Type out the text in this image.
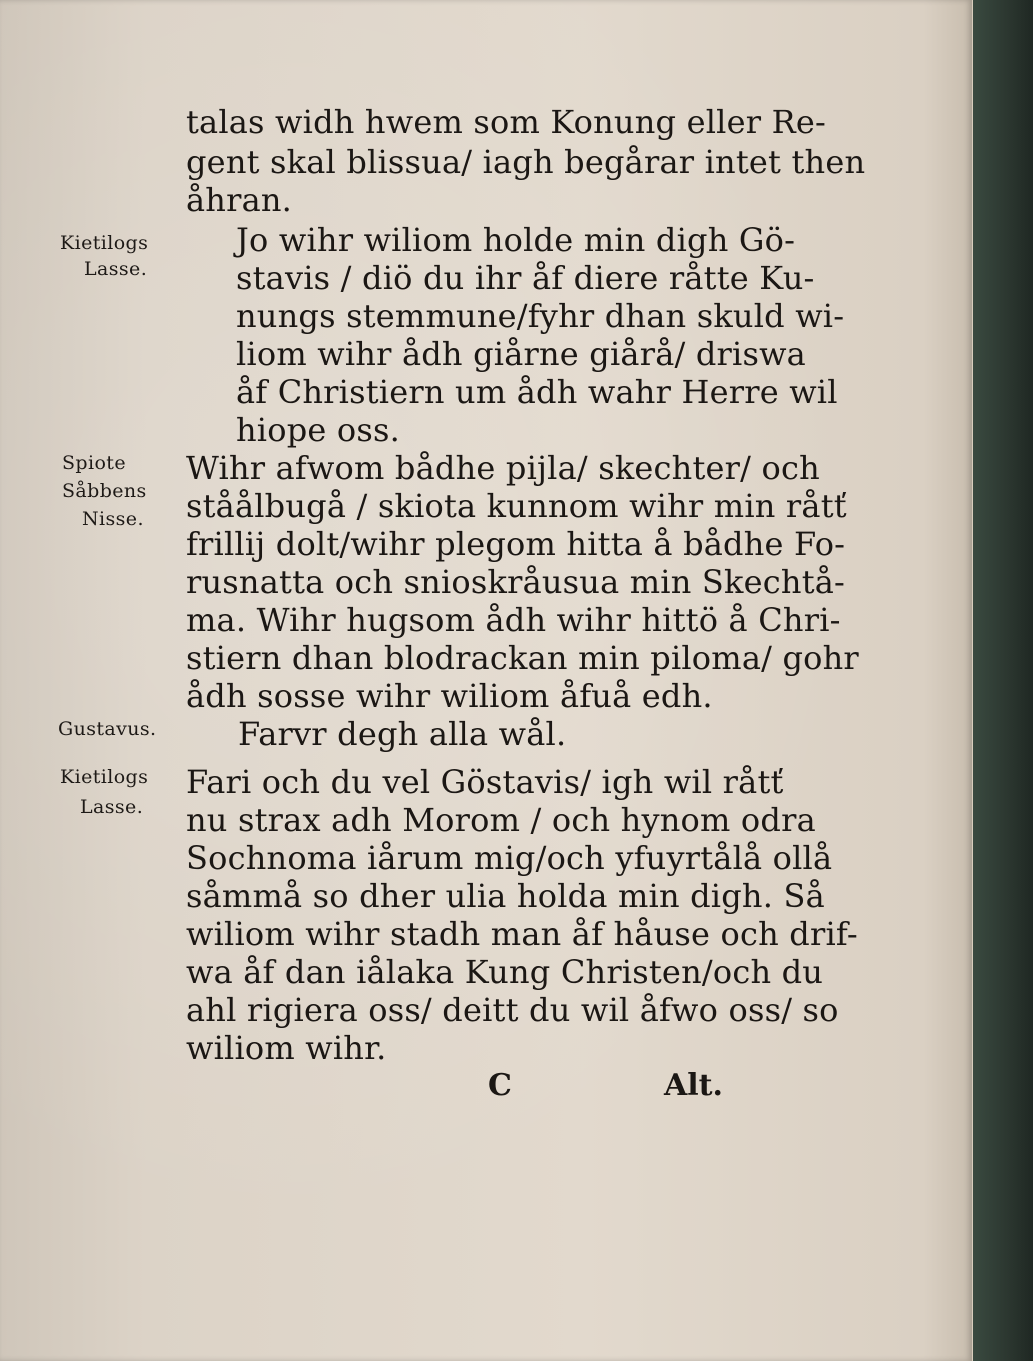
Kietilogs
Lasse.
Spiote
Såbbens
Nisse.
Gustavus.
Kietilogs
Lasse.
talas widh hwem som Konung eller Re-
gent skal blissua/ iagh begårar intet then
åhran.
Jo wihr wiliom holde min digh Gö-
stavis / diö du ihr åf diere råtte Ku-
nungs stemmune/fyhr dhan skuld wi-
liom wihr ådh giårne giårå/ driswa
åf Christiern um ådh wahr Herre wil
hiope oss.
Wihr afwom bådhe pijla/ skechter/ och
ståålbugå / skiota kunnom wihr min råtť
frillij dolt/wihr plegom hitta å bådhe Fo-
rusnatta och snioskråusua min Skechtå-
ma. Wihr hugsom ådh wihr hittö å Chri-
stiern dhan blodrackan min piloma/ gohr
ådh sosse wihr wiliom åfuå edh.
Farvr degh alla wål.
Fari och du vel Göstavis/ igh wil råtť
nu strax adh Morom / och hynom odra
Sochnoma iårum mig/och yfuyrtålå ollå
såmmå so dher ulia holda min digh. Så
wiliom wihr stadh man åf håuse och drif-
wa åf dan iålaka Kung Christen/och du
ahl rigiera oss/ deitt du wil åfwo oss/ so
wiliom wihr.
C	Alt.
